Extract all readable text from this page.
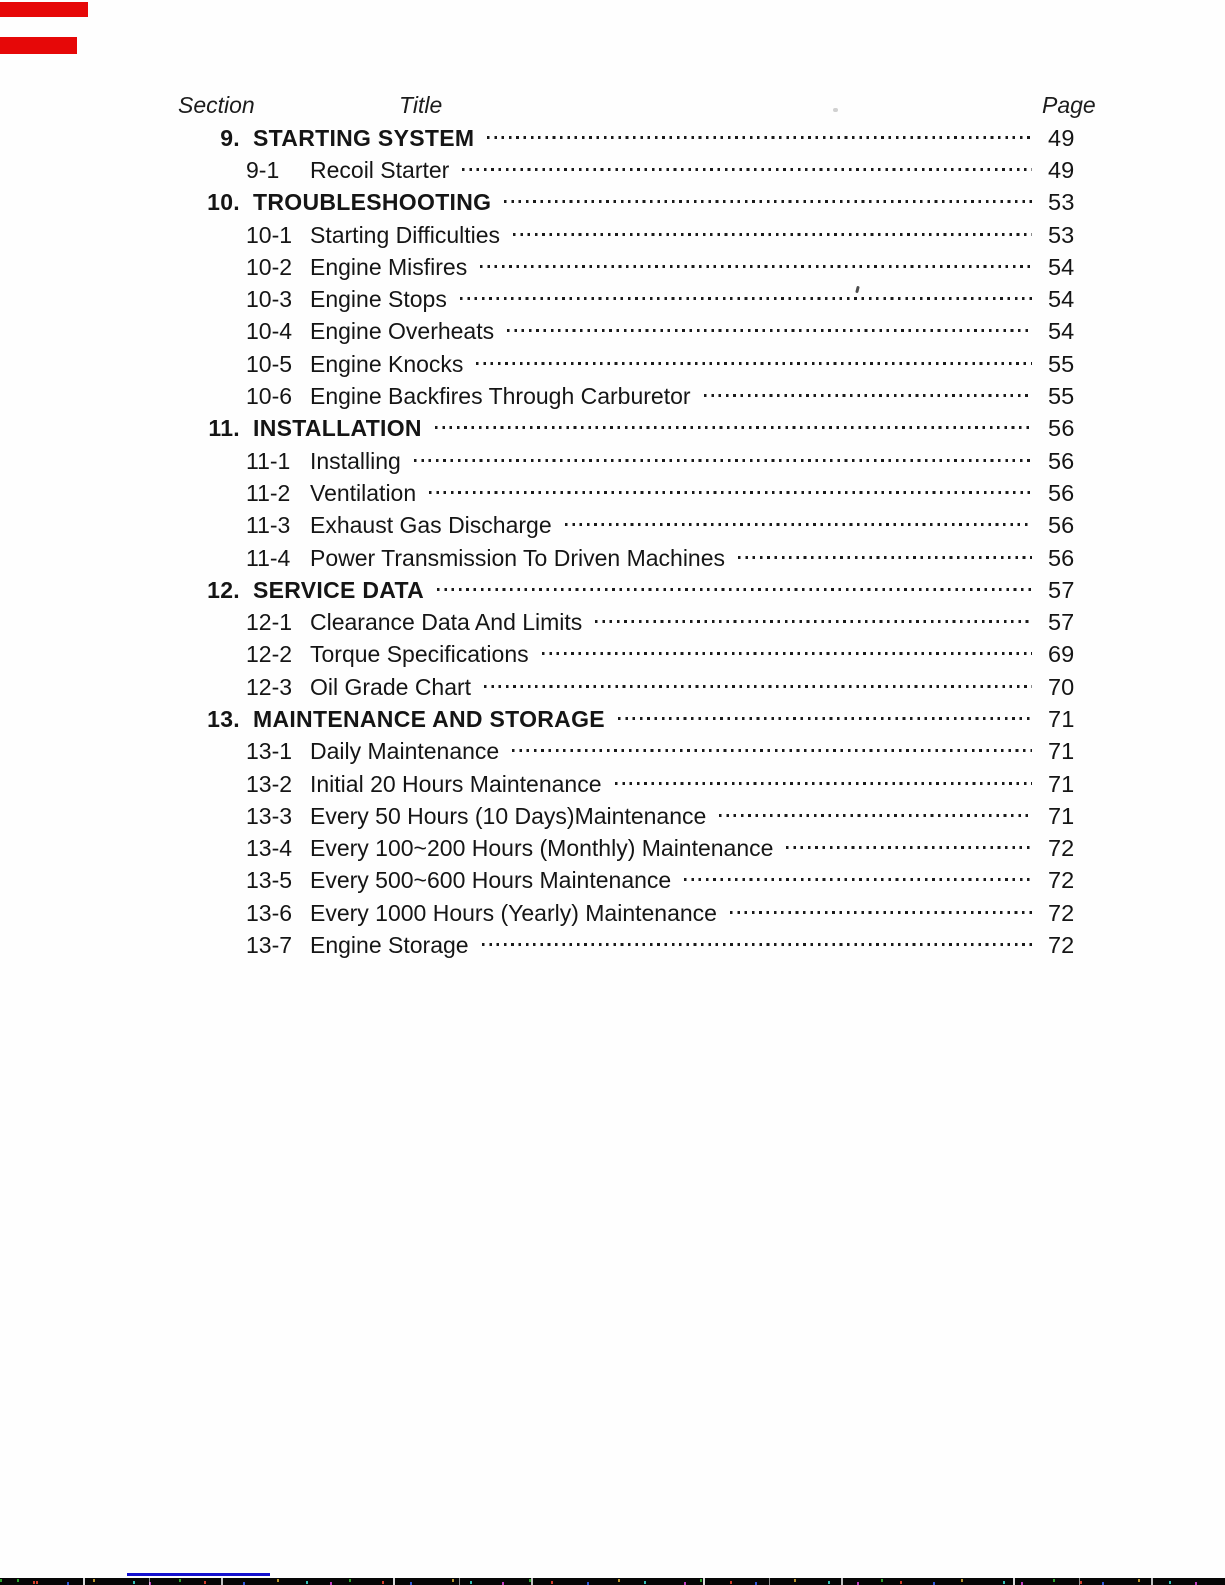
Section	Title	Page
9. STARTING SYSTEM	49
9-1	Recoil Starter	49
10. TROUBLESHOOTING	53
10-1 Starting Difficulties	53
10-2 Engine Misfires	54
10-3 Engine Stops	54
10-4 Engine Overheats	54
10-5 Engine Knocks	55
10-6 Engine Backfires Through Carburetor	55
11. INSTALLATION	56
11-1 Installing	56
11-2 Ventilation	56
11-3 Exhaust Gas Discharge	56
11-4 Power Transmission To Driven Machines	56
12. SERVICE DATA	57
12-1 Clearance Data And Limits	57
12-2 Torque Specifications	69
12-3 Oil Grade Chart	70
13. MAINTENANCE AND STORAGE	71
13-1 Daily Maintenance	71
13-2 Initial 20 Hours Maintenance	71
13-3 Every 50 Hours (10 Days)Maintenance	71
13-4 Every 100~200 Hours (Monthly) Maintenance	72
13-5 Every 500~600 Hours Maintenance	72
13-6 Every 1000 Hours (Yearly) Maintenance	72
13-7 Engine Storage	72
